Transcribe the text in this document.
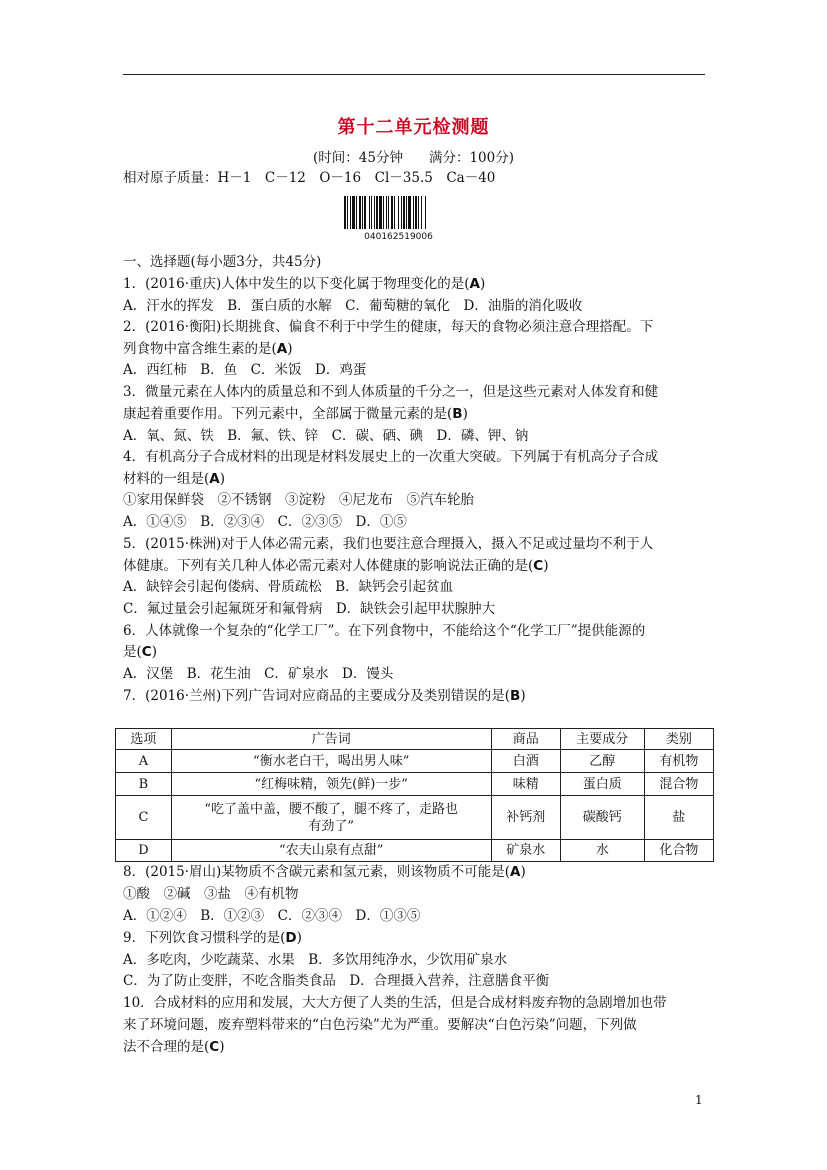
第十二单元检测题
(时间：45分钟 满分：100分)
相对原子质量：H－1　C－12　O－16　Cl－35.5　Ca－40
040162519006
一、选择题(每小题3分，共45分)
1．(2016·重庆)人体中发生的以下变化属于物理变化的是(A)
A．汗水的挥发　B．蛋白质的水解　C．葡萄糖的氧化　D．油脂的消化吸收
2．(2016·衡阳)长期挑食、偏食不利于中学生的健康，每天的食物必须注意合理搭配。下
列食物中富含维生素的是(A)
A．西红柿　B．鱼　C．米饭　D．鸡蛋
3．微量元素在人体内的质量总和不到人体质量的千分之一，但是这些元素对人体发育和健
康起着重要作用。下列元素中，全部属于微量元素的是(B)
A．氧、氮、铁　B．氟、铁、锌　C．碳、硒、碘　D．磷、钾、钠
4．有机高分子合成材料的出现是材料发展史上的一次重大突破。下列属于有机高分子合成
材料的一组是(A)
①家用保鲜袋　②不锈钢　③淀粉　④尼龙布　⑤汽车轮胎
A．①④⑤　B．②③④　C．②③⑤　D．①⑤
5．(2015·株洲)对于人体必需元素，我们也要注意合理摄入，摄入不足或过量均不利于人
体健康。下列有关几种人体必需元素对人体健康的影响说法正确的是(C)
A．缺锌会引起佝偻病、骨质疏松　B．缺钙会引起贫血
C．氟过量会引起氟斑牙和氟骨病　D．缺铁会引起甲状腺肿大
6．人体就像一个复杂的“化学工厂”。在下列食物中，不能给这个“化学工厂”提供能源的
是(C)
A．汉堡　B．花生油　C．矿泉水　D．馒头
7．(2016·兰州)下列广告词对应商品的主要成分及类别错误的是(B)
选项	广告词	商品	主要成分	类别
A	“衡水老白干，喝出男人味”	白酒	乙醇	有机物
B	“红梅味精，领先(鲜)一步”	味精	蛋白质	混合物
C	“吃了盖中盖，腰不酸了，腿不疼了，走路也
有劲了”	补钙剂	碳酸钙	盐
D	“农夫山泉有点甜”	矿泉水	水	化合物
8．(2015·眉山)某物质不含碳元素和氢元素，则该物质不可能是(A)
①酸　②碱　③盐　④有机物
A．①②④　B．①②③　C．②③④　D．①③⑤
9．下列饮食习惯科学的是(D)
A．多吃肉，少吃蔬菜、水果　B．多饮用纯净水，少饮用矿泉水
C．为了防止变胖，不吃含脂类食品　D．合理摄入营养，注意膳食平衡
10．合成材料的应用和发展，大大方便了人类的生活，但是合成材料废弃物的急剧增加也带
来了环境问题，废弃塑料带来的“白色污染”尤为严重。要解决“白色污染”问题，下列做
法不合理的是(C)
1
